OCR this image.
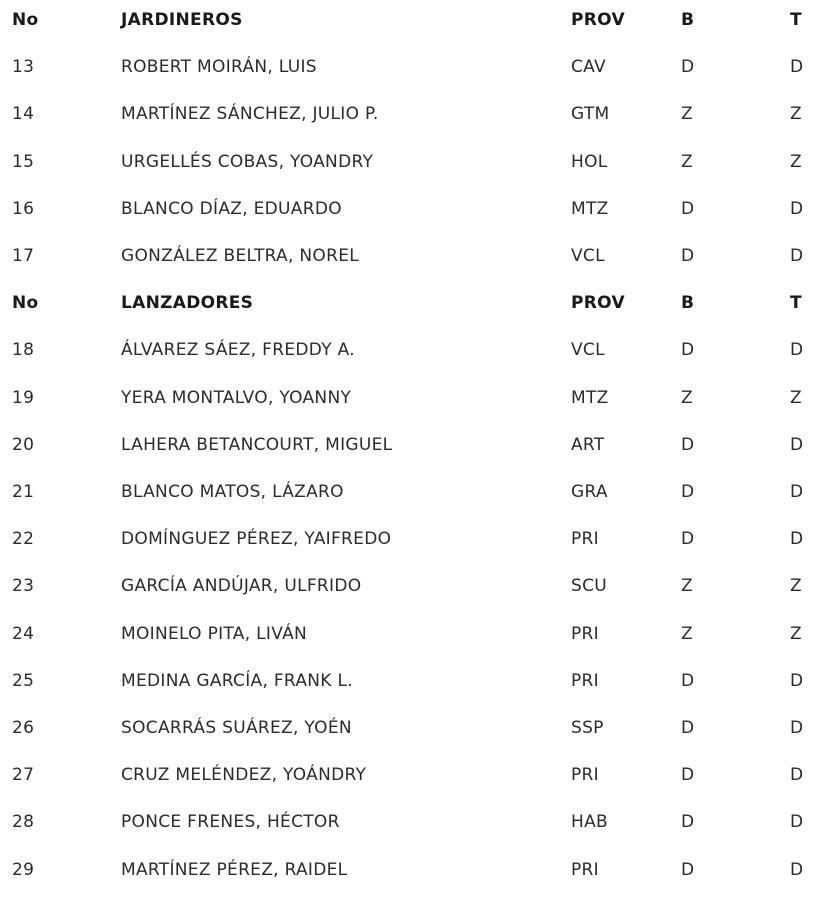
No	JARDINEROS	PROV	B	T
13	ROBERT MOIRÁN, LUIS	CAV	D	D
14	MARTÍNEZ SÁNCHEZ, JULIO P.	GTM	Z	Z
15	URGELLÉS COBAS, YOANDRY	HOL	Z	Z
16	BLANCO DÍAZ, EDUARDO	MTZ	D	D
17	GONZÁLEZ BELTRA, NOREL	VCL	D	D
No	LANZADORES	PROV	B	T
18	ÁLVAREZ SÁEZ, FREDDY A.	VCL	D	D
19	YERA MONTALVO, YOANNY	MTZ	Z	Z
20	LAHERA BETANCOURT, MIGUEL	ART	D	D
21	BLANCO MATOS, LÁZARO	GRA	D	D
22	DOMÍNGUEZ PÉREZ, YAIFREDO	PRI	D	D
23	GARCÍA ANDÚJAR, ULFRIDO	SCU	Z	Z
24	MOINELO PITA, LIVÁN	PRI	Z	Z
25	MEDINA GARCÍA, FRANK L.	PRI	D	D
26	SOCARRÁS SUÁREZ, YOÉN	SSP	D	D
27	CRUZ MELÉNDEZ, YOÁNDRY	PRI	D	D
28	PONCE FRENES, HÉCTOR	HAB	D	D
29	MARTÍNEZ PÉREZ, RAIDEL	PRI	D	D
